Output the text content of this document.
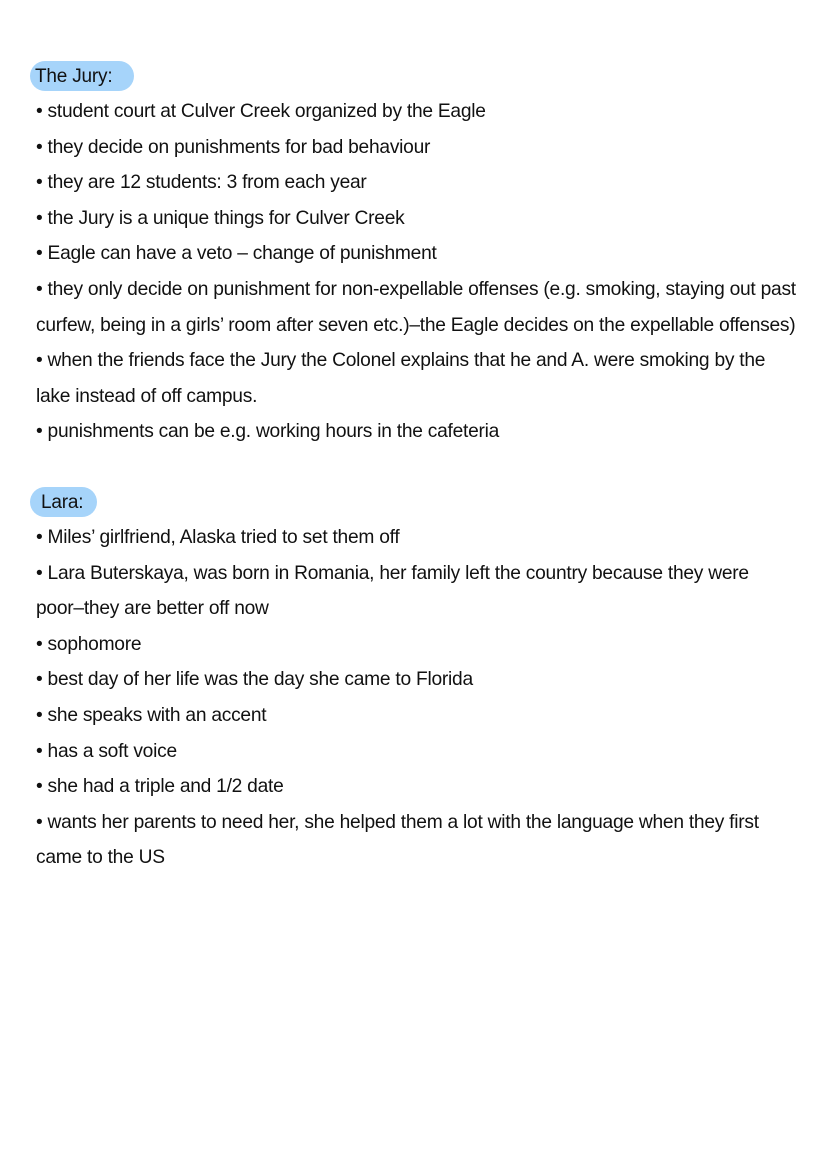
The Jury:
• student court at Culver Creek organized by the Eagle
• they decide on punishments for bad behaviour
• they are 12 students: 3 from each year
• the Jury is a unique things for Culver Creek
• Eagle can have a veto – change of punishment
• they only decide on punishment for non-expellable offenses (e.g. smoking, staying out past curfew, being in a girls’ room after seven etc.)–the Eagle decides on the expellable offenses)
• when the friends face the Jury the Colonel explains that he and A. were smoking by the lake instead of off campus.
• punishments can be e.g. working hours in the cafeteria
Lara:
• Miles’ girlfriend, Alaska tried to set them off
• Lara Buterskaya, was born in Romania, her family left the country because they were poor–they are better off now
• sophomore
• best day of her life was the day she came to Florida
• she speaks with an accent
• has a soft voice
• she had a triple and 1/2 date
• wants her parents to need her, she helped them a lot with the language when they first came to the US
